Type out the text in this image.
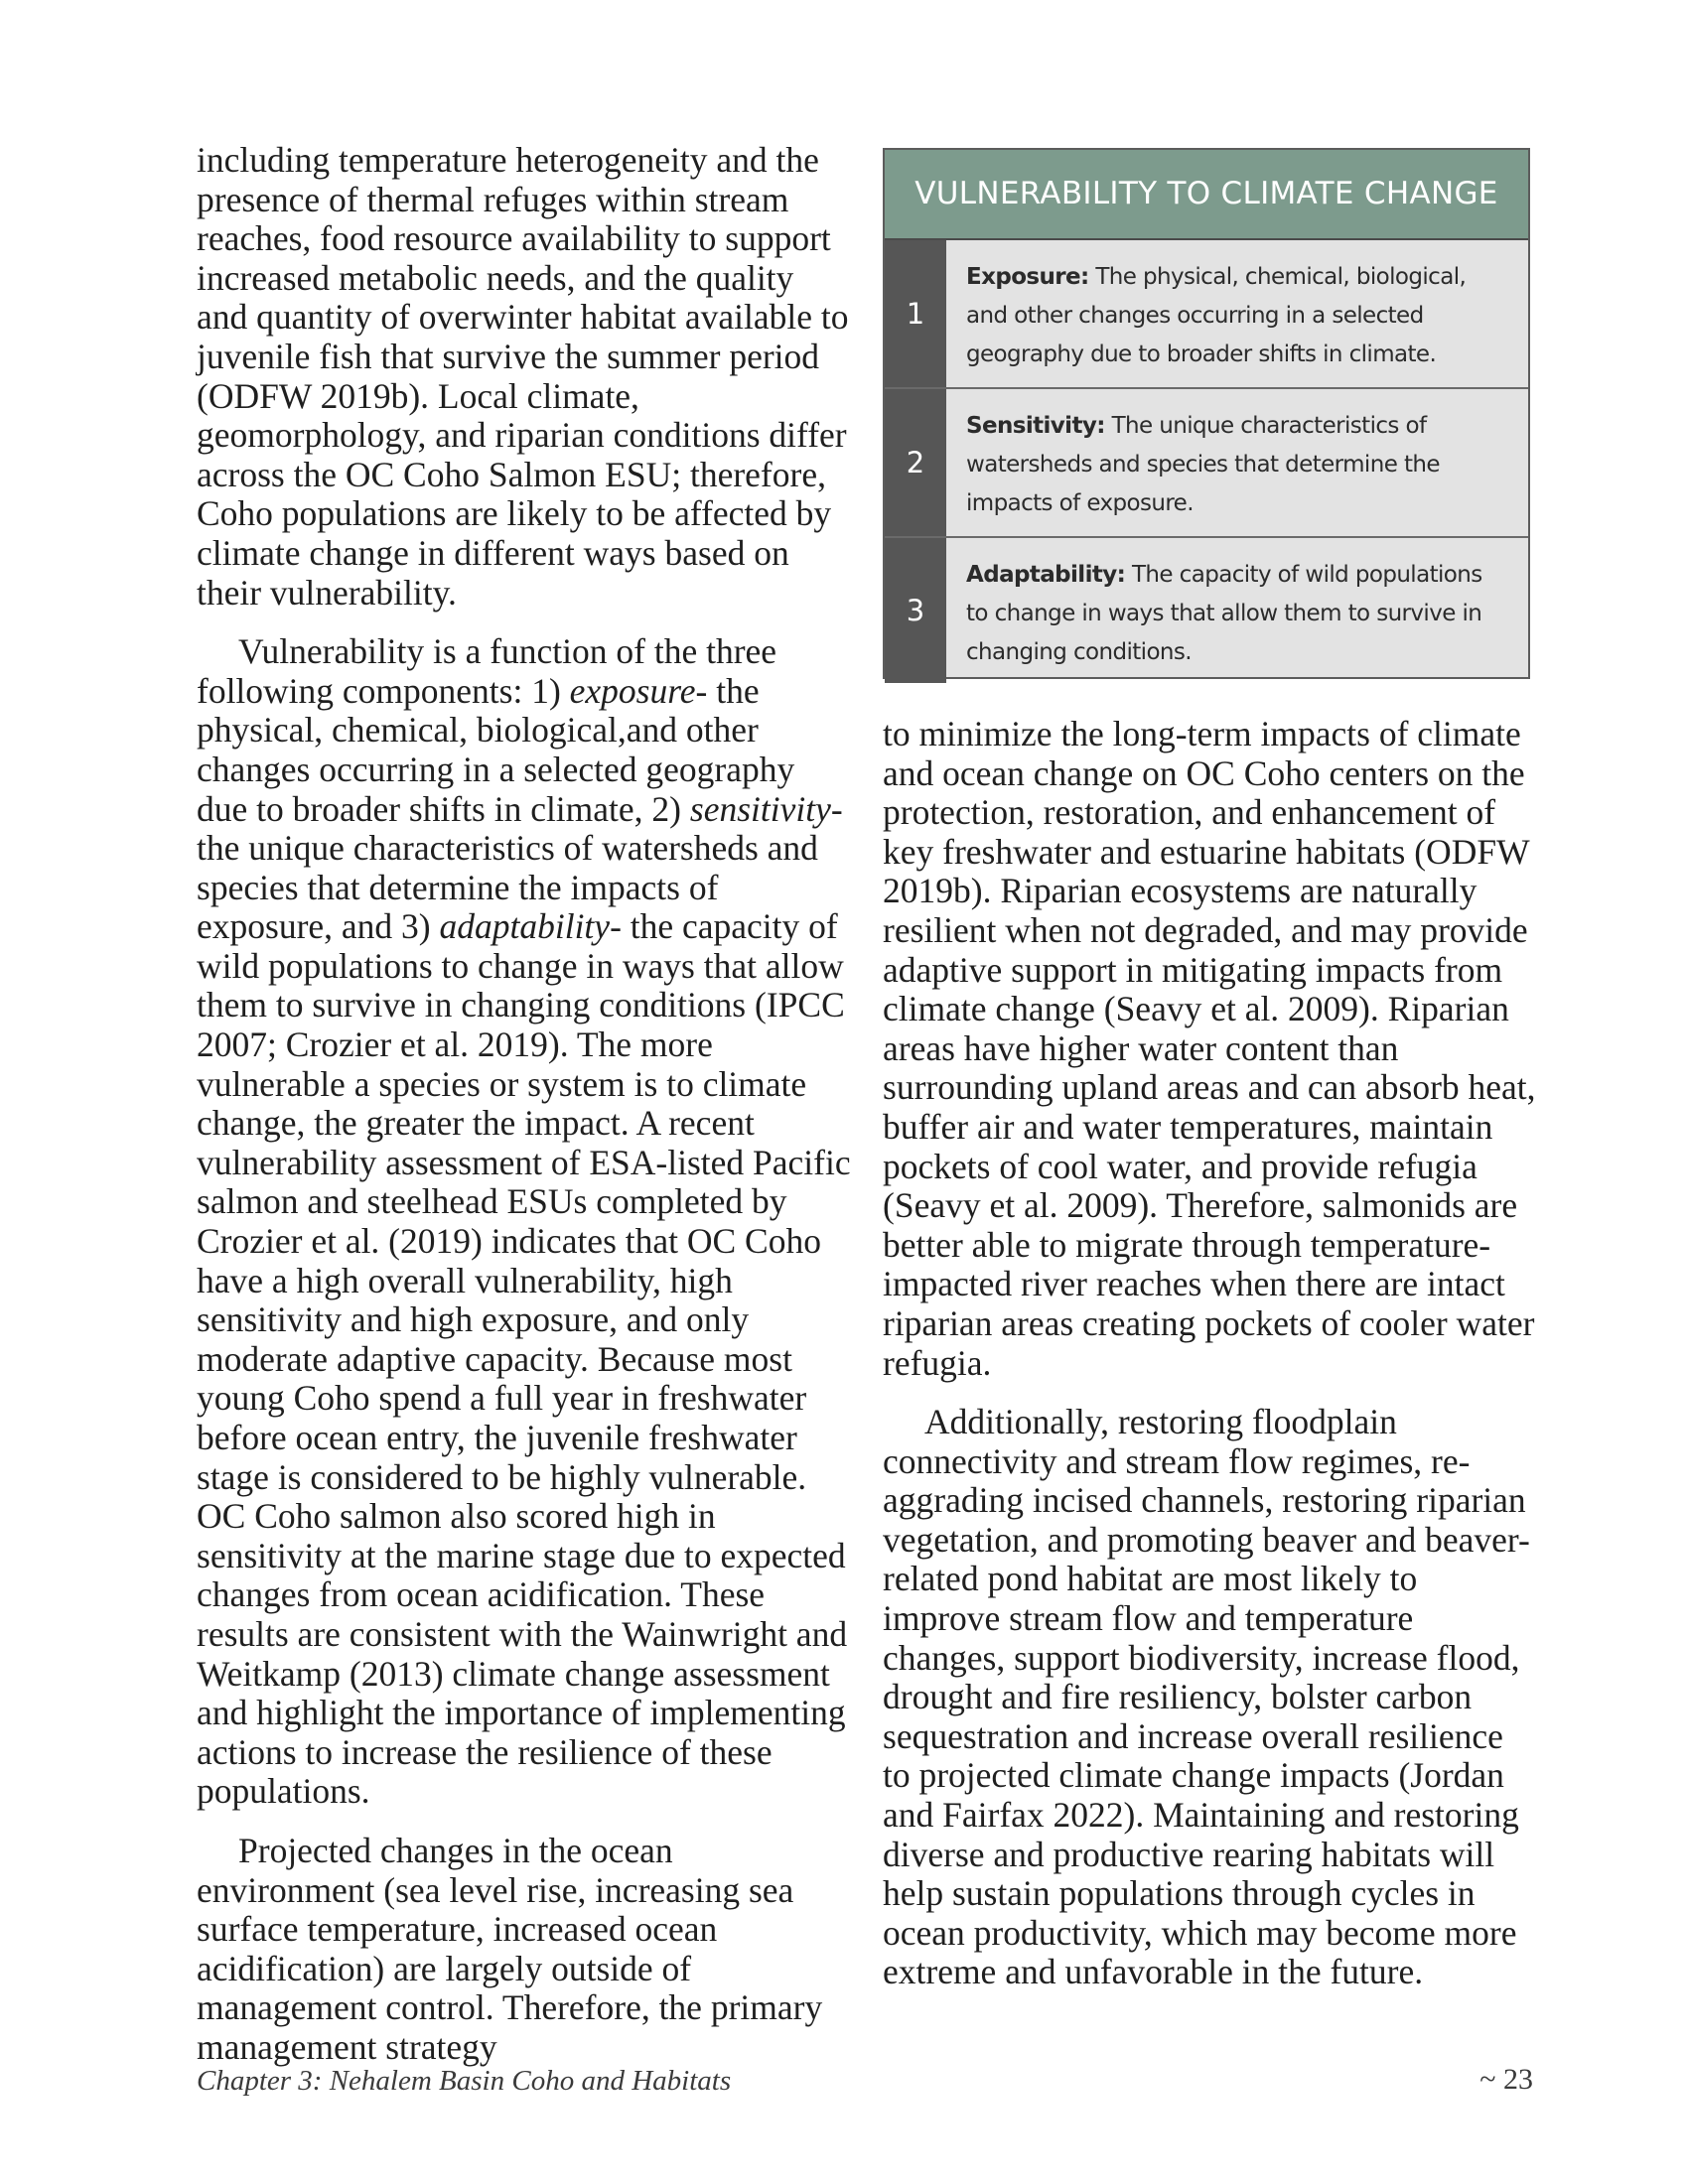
including temperature heterogeneity and the presence of thermal refuges within stream reaches, food resource availability to support increased metabolic needs, and the quality and quantity of overwinter habitat available to juvenile fish that survive the summer period (ODFW 2019b). Local climate, geomorphology, and riparian conditions differ across the OC Coho Salmon ESU; therefore, Coho populations are likely to be affected by climate change in different ways based on their vulnerability.

Vulnerability is a function of the three following components: 1) exposure- the physical, chemical, biological,and other changes occurring in a selected geography due to broader shifts in climate, 2) sensitivity- the unique characteristics of watersheds and species that determine the impacts of exposure, and 3) adaptability- the capacity of wild populations to change in ways that allow them to survive in changing conditions (IPCC 2007; Crozier et al. 2019). The more vulnerable a species or system is to climate change, the greater the impact. A recent vulnerability assessment of ESA-listed Pacific salmon and steelhead ESUs completed by Crozier et al. (2019) indicates that OC Coho have a high overall vulnerability, high sensitivity and high exposure, and only moderate adaptive capacity. Because most young Coho spend a full year in freshwater before ocean entry, the juvenile freshwater stage is considered to be highly vulnerable. OC Coho salmon also scored high in sensitivity at the marine stage due to expected changes from ocean acidification. These results are consistent with the Wainwright and Weitkamp (2013) climate change assessment and highlight the importance of implementing actions to increase the resilience of these populations.

Projected changes in the ocean environment (sea level rise, increasing sea surface temperature, increased ocean acidification) are largely outside of management control. Therefore, the primary management strategy

VULNERABILITY TO CLIMATE CHANGE
1
Exposure: The physical, chemical, biological, and other changes occurring in a selected geography due to broader shifts in climate.
2
Sensitivity: The unique characteristics of watersheds and species that determine the impacts of exposure.
3
Adaptability: The capacity of wild populations to change in ways that allow them to survive in changing conditions.

to minimize the long-term impacts of climate and ocean change on OC Coho centers on the protection, restoration, and enhancement of key freshwater and estuarine habitats (ODFW 2019b). Riparian ecosystems are naturally resilient when not degraded, and may provide adaptive support in mitigating impacts from climate change (Seavy et al. 2009). Riparian areas have higher water content than surrounding upland areas and can absorb heat, buffer air and water temperatures, maintain pockets of cool water, and provide refugia (Seavy et al. 2009). Therefore, salmonids are better able to migrate through temperature-impacted river reaches when there are intact riparian areas creating pockets of cooler water refugia.

Additionally, restoring floodplain connectivity and stream flow regimes, re-aggrading incised channels, restoring riparian vegetation, and promoting beaver and beaver-related pond habitat are most likely to improve stream flow and temperature changes, support biodiversity, increase flood, drought and fire resiliency, bolster carbon sequestration and increase overall resilience to projected climate change impacts (Jordan and Fairfax 2022). Maintaining and restoring diverse and productive rearing habitats will help sustain populations through cycles in ocean productivity, which may become more extreme and unfavorable in the future.

Chapter 3: Nehalem Basin Coho and Habitats	~ 23
